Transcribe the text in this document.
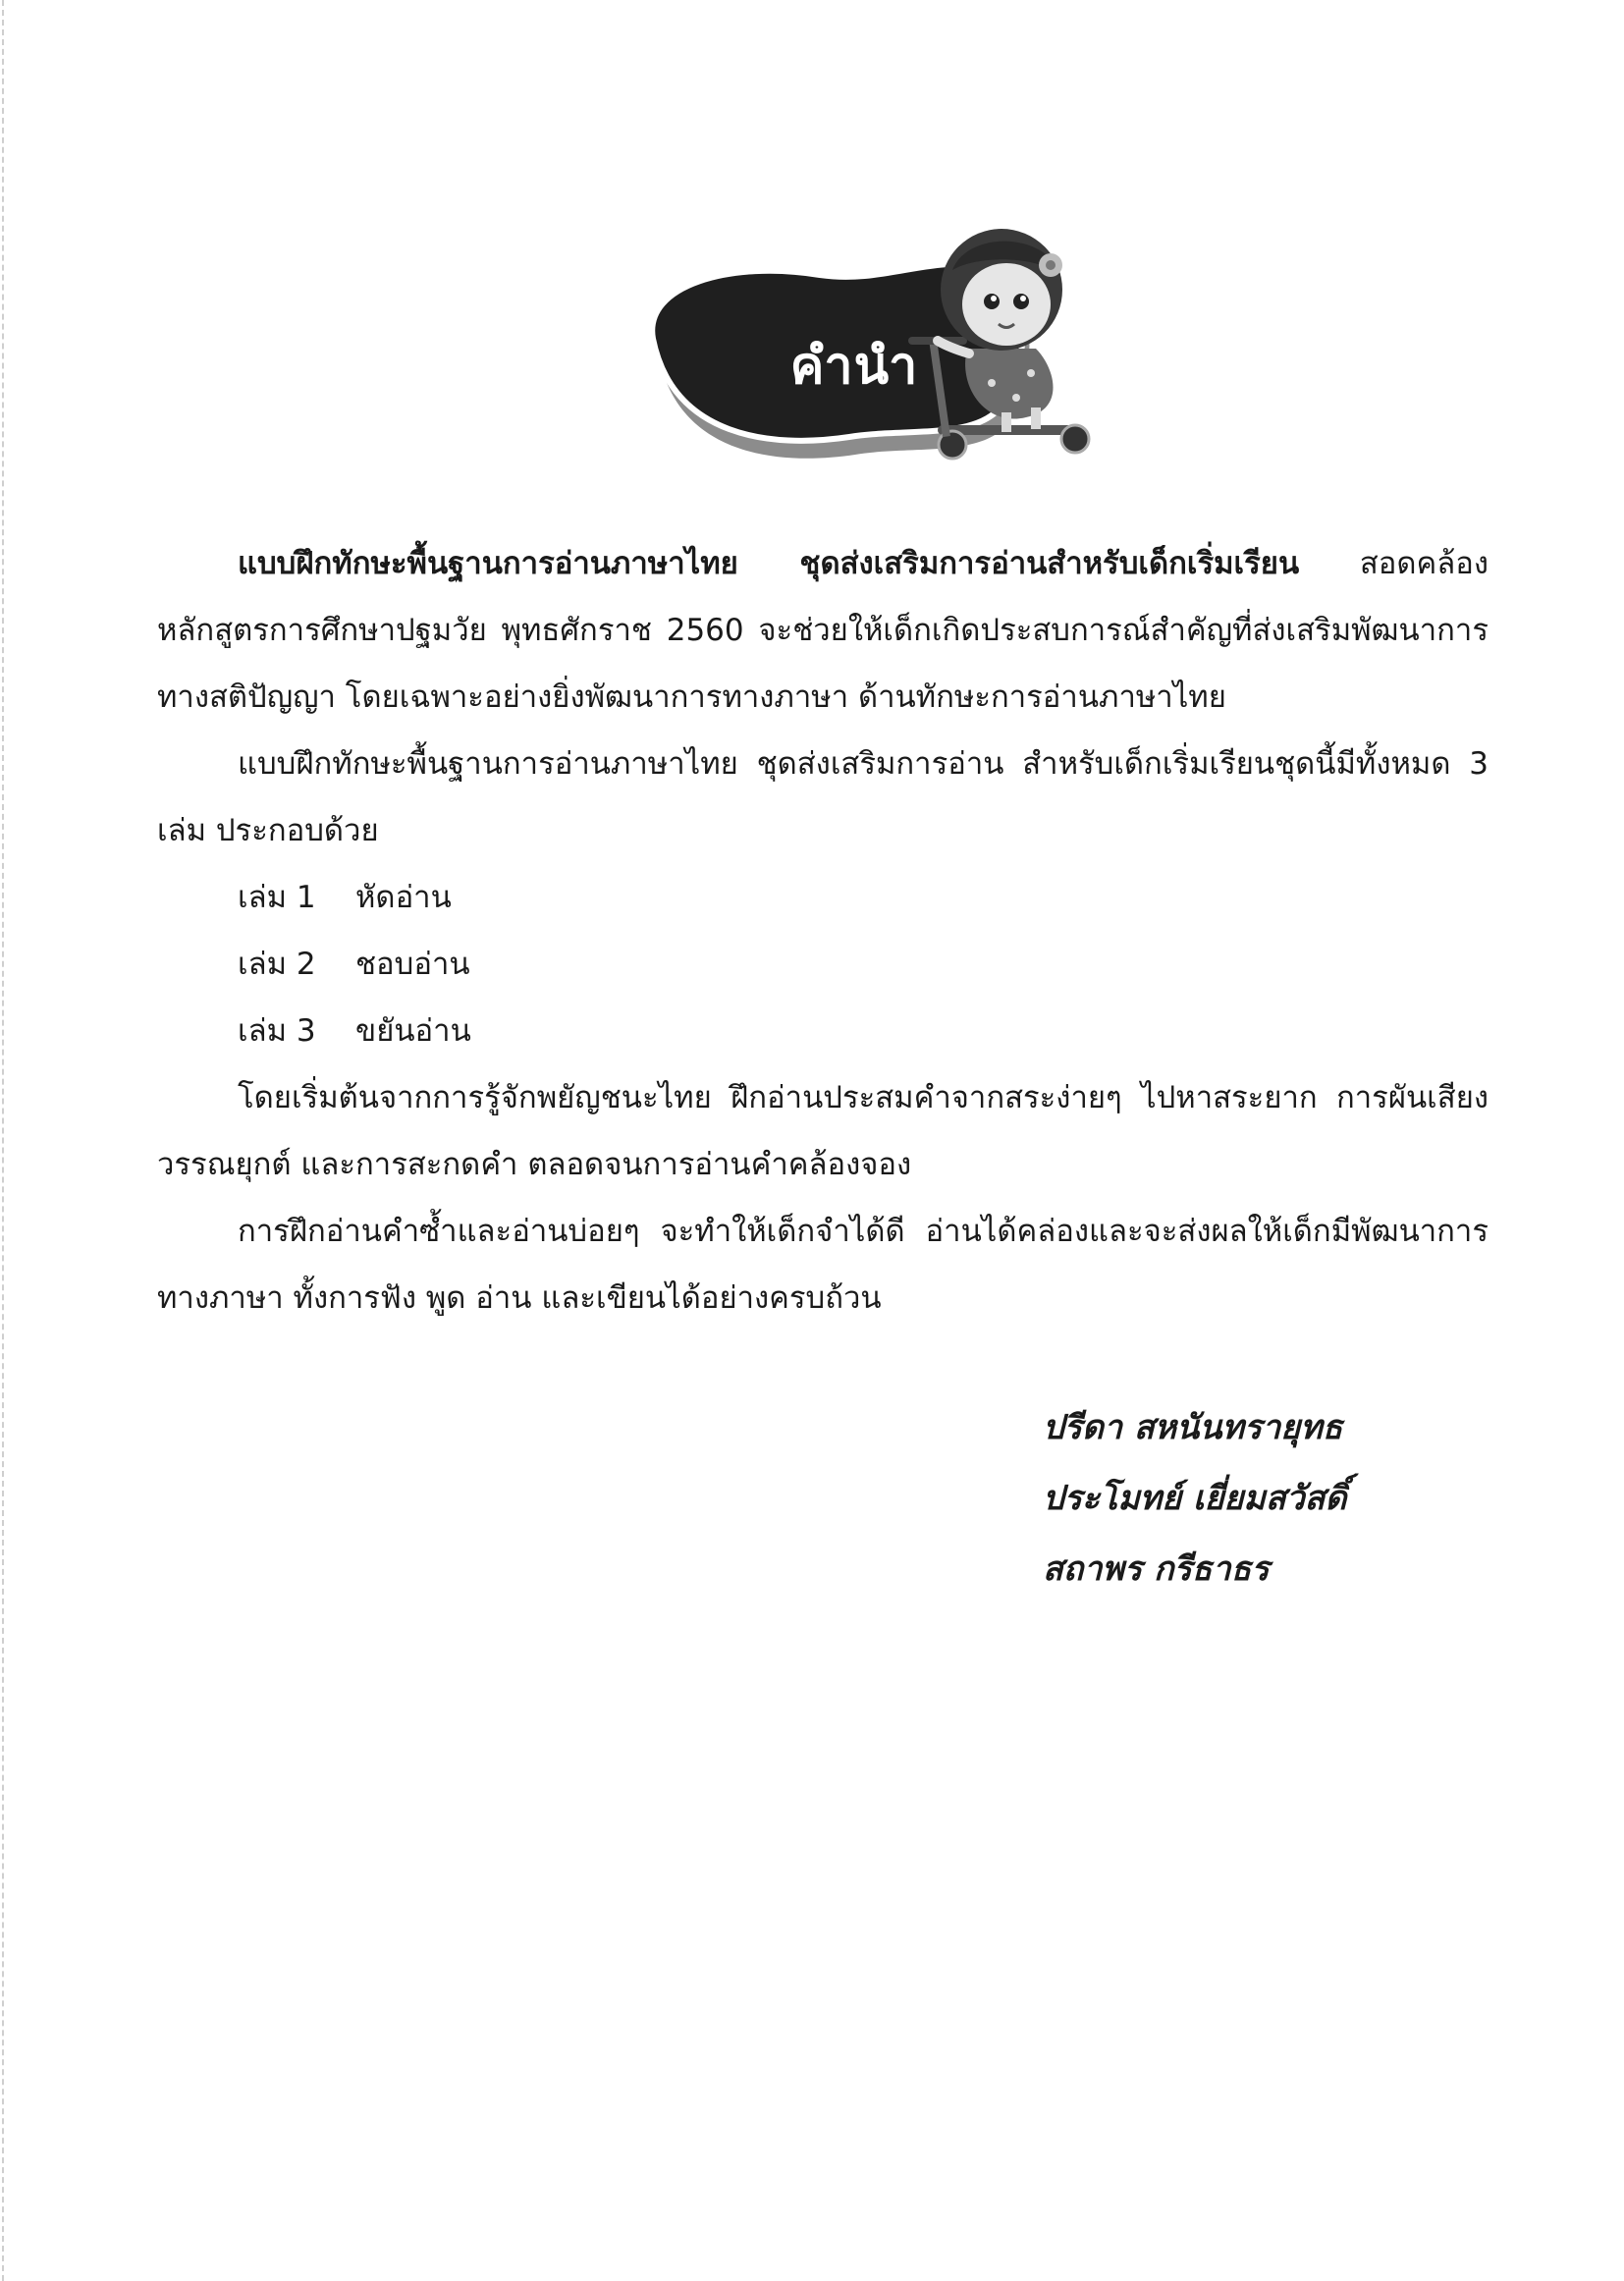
คำนำ

แบบฝึกทักษะพื้นฐานการอ่านภาษาไทย ชุดส่งเสริมการอ่านสำหรับเด็กเริ่มเรียน สอดคล้องหลักสูตรการศึกษาปฐมวัย พุทธศักราช 2560 จะช่วยให้เด็กเกิดประสบการณ์สำคัญที่ส่งเสริมพัฒนาการทางสติปัญญา โดยเฉพาะอย่างยิ่งพัฒนาการทางภาษา ด้านทักษะการอ่านภาษาไทย

แบบฝึกทักษะพื้นฐานการอ่านภาษาไทย ชุดส่งเสริมการอ่าน สำหรับเด็กเริ่มเรียนชุดนี้มีทั้งหมด 3 เล่ม ประกอบด้วย

เล่ม 1 หัดอ่าน
เล่ม 2 ชอบอ่าน
เล่ม 3 ขยันอ่าน

โดยเริ่มต้นจากการรู้จักพยัญชนะไทย ฝึกอ่านประสมคำจากสระง่ายๆ ไปหาสระยาก การผันเสียงวรรณยุกต์ และการสะกดคำ ตลอดจนการอ่านคำคล้องจอง

การฝึกอ่านคำซ้ำและอ่านบ่อยๆ จะทำให้เด็กจำได้ดี อ่านได้คล่องและจะส่งผลให้เด็กมีพัฒนาการทางภาษา ทั้งการฟัง พูด อ่าน และเขียนได้อย่างครบถ้วน

ปรีดา สหนันทรายุทธ
ประโมทย์ เยี่ยมสวัสดิ์
สถาพร กรีธาธร
